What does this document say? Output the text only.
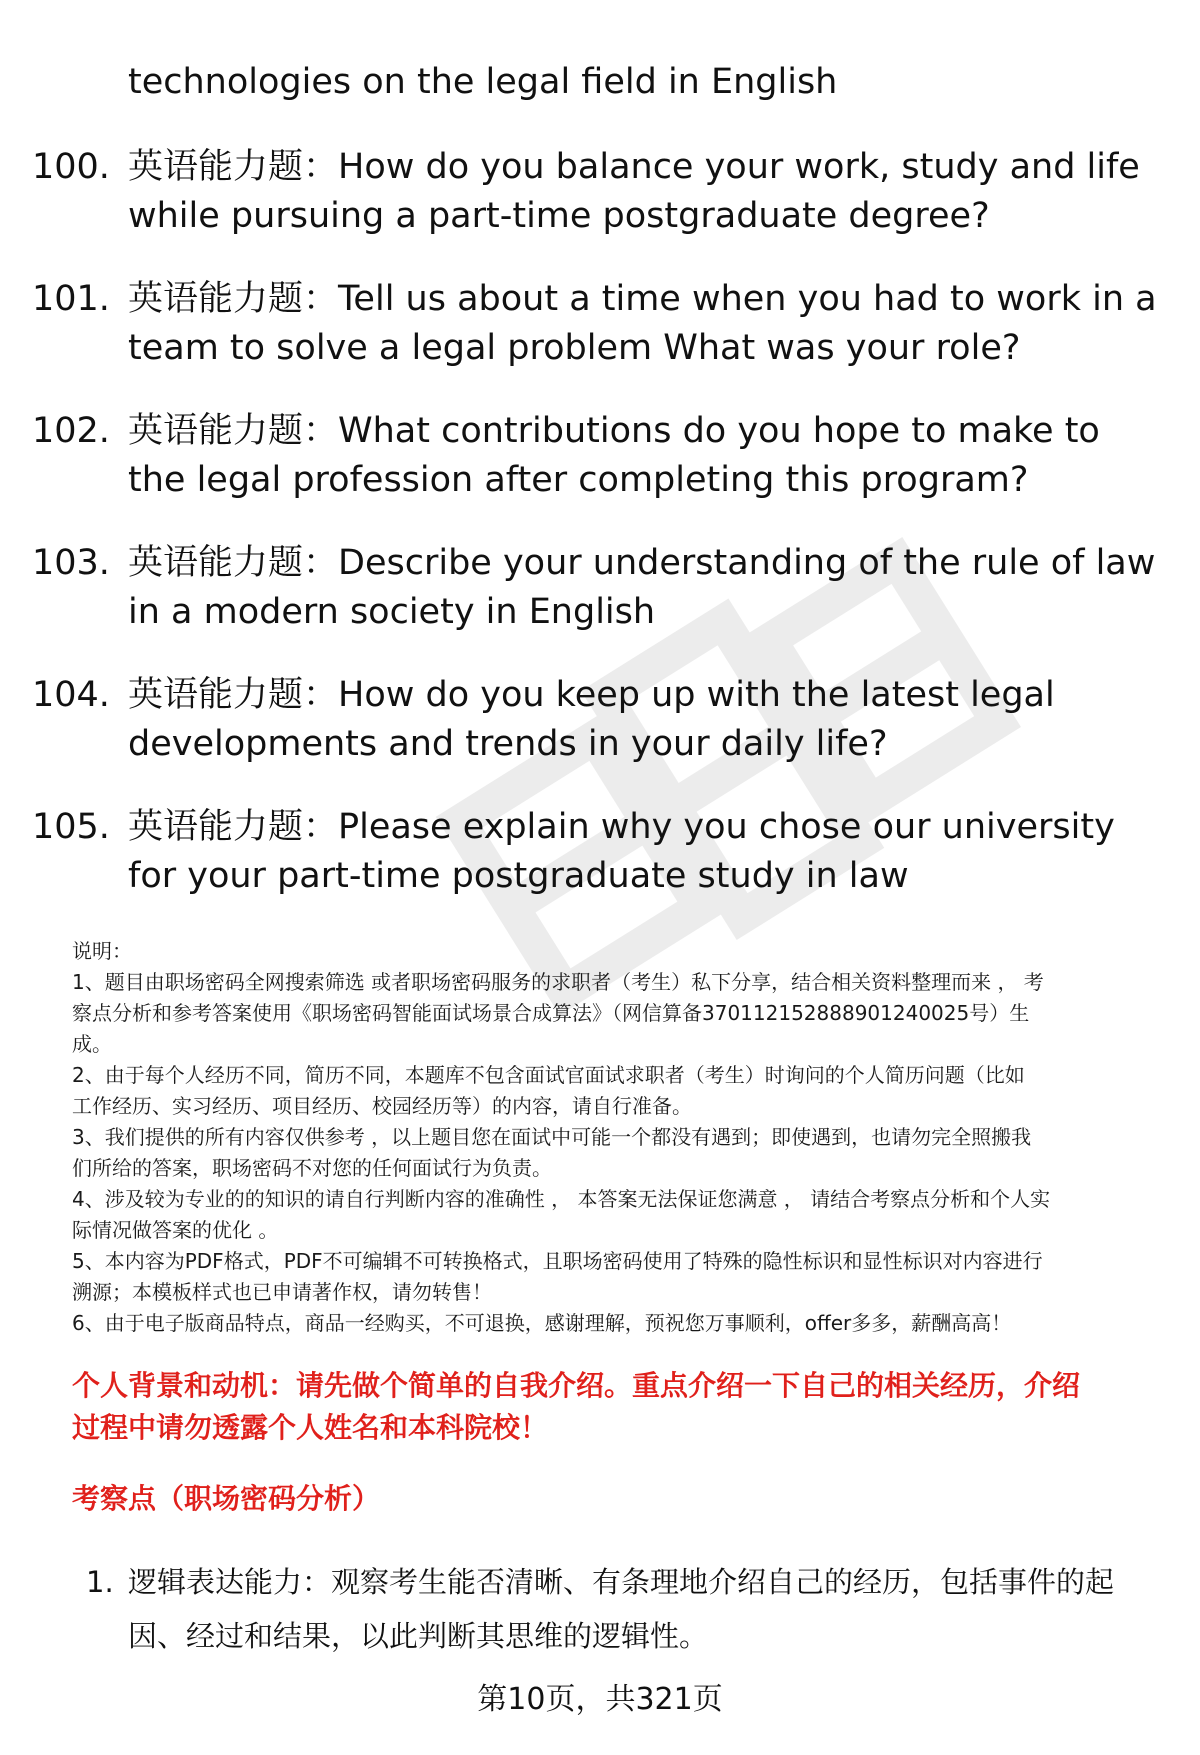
technologies on the legal field in English
100. 英语能力题：How do you balance your work, study and life
while pursuing a part-time postgraduate degree?
101. 英语能力题：Tell us about a time when you had to work in a
team to solve a legal problem What was your role?
102. 英语能力题：What contributions do you hope to make to
the legal profession after completing this program?
103. 英语能力题：Describe your understanding of the rule of law
in a modern society in English
104. 英语能力题：How do you keep up with the latest legal
developments and trends in your daily life?
105. 英语能力题：Please explain why you chose our university
for your part-time postgraduate study in law
说明：
1、题目由职场密码全网搜索筛选 或者职场密码服务的求职者（考生）私下分享，结合相关资料整理而来 ， 考
察点分析和参考答案使用《职场密码智能面试场景合成算法》（网信算备370112152888901240025号）生
成。
2、由于每个人经历不同，简历不同，本题库不包含面试官面试求职者（考生）时询问的个人简历问题（比如
工作经历、实习经历、项目经历、校园经历等）的内容，请自行准备。
3、我们提供的所有内容仅供参考 ，以上题目您在面试中可能一个都没有遇到；即使遇到，也请勿完全照搬我
们所给的答案，职场密码不对您的任何面试行为负责。
4、涉及较为专业的的知识的请自行判断内容的准确性 ， 本答案无法保证您满意 ， 请结合考察点分析和个人实
际情况做答案的优化 。
5、本内容为PDF格式，PDF不可编辑不可转换格式，且职场密码使用了特殊的隐性标识和显性标识对内容进行
溯源；本模板样式也已申请著作权，请勿转售！
6、由于电子版商品特点，商品一经购买，不可退换，感谢理解，预祝您万事顺利，offer多多，薪酬高高！
个人背景和动机：请先做个简单的自我介绍。重点介绍一下自己的相关经历，介绍
过程中请勿透露个人姓名和本科院校！
考察点（职场密码分析）
1. 逻辑表达能力：观察考生能否清晰、有条理地介绍自己的经历，包括事件的起
因、经过和结果，以此判断其思维的逻辑性。
第10页，共321页
